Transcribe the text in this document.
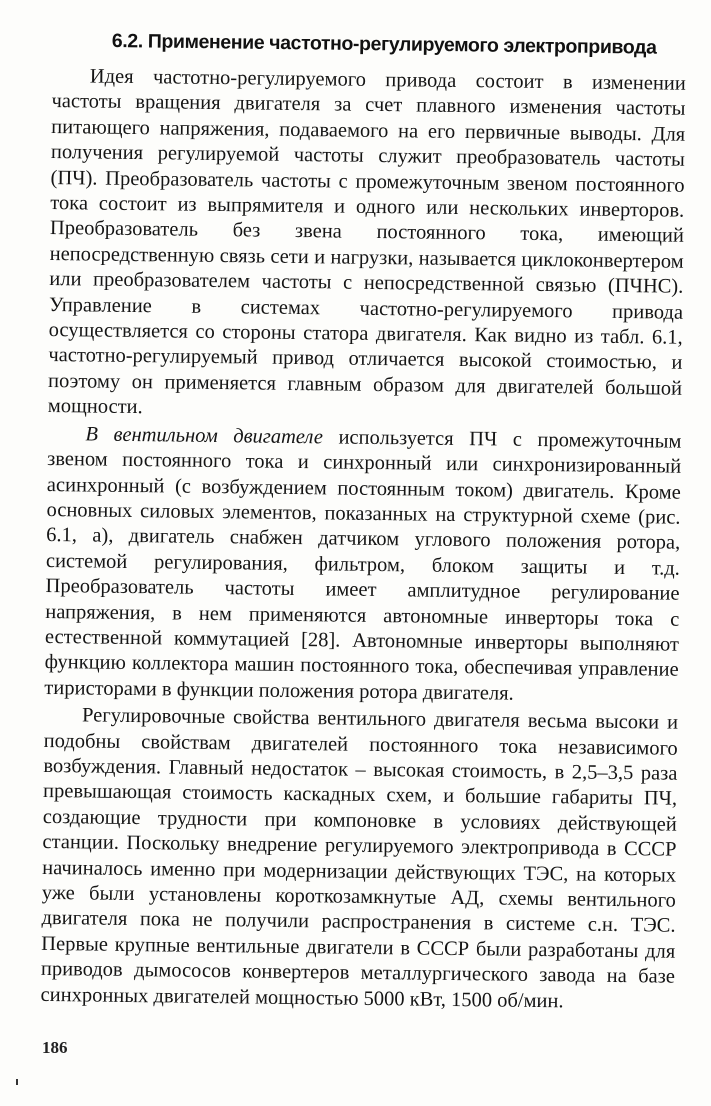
6.2. Применение частотно-регулируемого электропривода

Идея частотно-регулируемого привода состоит в изменении частоты вращения двигателя за счет плавного изменения частоты питающего напряжения, подаваемого на его первичные выводы. Для получения регулируемой частоты служит преобразователь частоты (ПЧ). Преобразователь частоты с промежуточным звеном постоянного тока состоит из выпрямителя и одного или нескольких инверторов. Преобразователь без звена постоянного тока, имеющий непосредственную связь сети и нагрузки, называется циклоконвертером или преобразователем частоты с непосредственной связью (ПЧНС). Управление в системах частотно-регулируемого привода осуществляется со стороны статора двигателя. Как видно из табл. 6.1, частотно-регулируемый привод отличается высокой стоимостью, и поэтому он применяется главным образом для двигателей большой мощности.

В вентильном двигателе используется ПЧ с промежуточным звеном постоянного тока и синхронный или синхронизированный асинхронный (с возбуждением постоянным током) двигатель. Кроме основных силовых элементов, показанных на структурной схеме (рис. 6.1, а), двигатель снабжен датчиком углового положения ротора, системой регулирования, фильтром, блоком защиты и т.д. Преобразователь частоты имеет амплитудное регулирование напряжения, в нем применяются автономные инверторы тока с естественной коммутацией [28]. Автономные инверторы выполняют функцию коллектора машин постоянного тока, обеспечивая управление тиристорами в функции положения ротора двигателя.

Регулировочные свойства вентильного двигателя весьма высоки и подобны свойствам двигателей постоянного тока независимого возбуждения. Главный недостаток – высокая стоимость, в 2,5–3,5 раза превышающая стоимость каскадных схем, и большие габариты ПЧ, создающие трудности при компоновке в условиях действующей станции. Поскольку внедрение регулируемого электропривода в СССР начиналось именно при модернизации действующих ТЭС, на которых уже были установлены короткозамкнутые АД, схемы вентильного двигателя пока не получили распространения в системе с.н. ТЭС. Первые крупные вентильные двигатели в СССР были разработаны для приводов дымососов конвертеров металлургического завода на базе синхронных двигателей мощностью 5000 кВт, 1500 об/мин.

186
